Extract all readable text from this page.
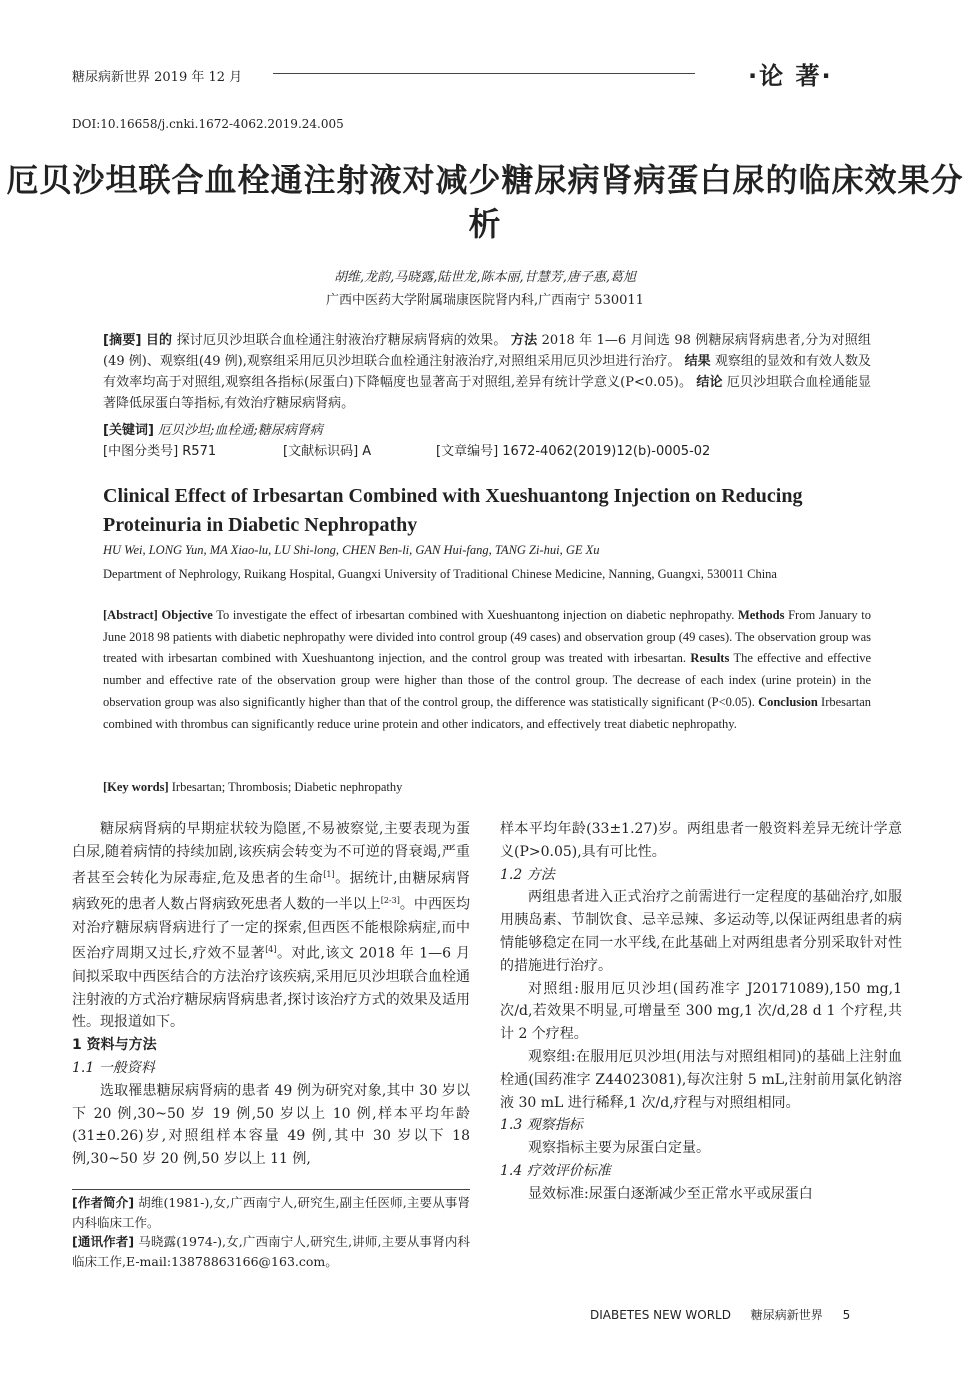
糖尿病新世界 2019 年 12 月	·论 著·
DOI:10.16658/j.cnki.1672-4062.2019.24.005
厄贝沙坦联合血栓通注射液对减少糖尿病肾病蛋白尿的临床效果分析
胡维,龙韵,马晓露,陆世龙,陈本丽,甘慧芳,唐子惠,葛旭
广西中医药大学附属瑞康医院肾内科,广西南宁 530011
[摘要] 目的 探讨厄贝沙坦联合血栓通注射液治疗糖尿病肾病的效果。 方法 2018 年 1—6 月间选 98 例糖尿病肾病患者,分为对照组(49 例)、观察组(49 例),观察组采用厄贝沙坦联合血栓通注射液治疗,对照组采用厄贝沙坦进行治疗。 结果 观察组的显效和有效人数及有效率均高于对照组,观察组各指标(尿蛋白)下降幅度也显著高于对照组,差异有统计学意义(P<0.05)。 结论 厄贝沙坦联合血栓通能显著降低尿蛋白等指标,有效治疗糖尿病肾病。
[关键词] 厄贝沙坦;血栓通;糖尿病肾病
[中图分类号] R571	[文献标识码] A	[文章编号] 1672-4062(2019)12(b)-0005-02
Clinical Effect of Irbesartan Combined with Xueshuantong Injection on Reducing Proteinuria in Diabetic Nephropathy
HU Wei, LONG Yun, MA Xiao-lu, LU Shi-long, CHEN Ben-li, GAN Hui-fang, TANG Zi-hui, GE Xu
Department of Nephrology, Ruikang Hospital, Guangxi University of Traditional Chinese Medicine, Nanning, Guangxi, 530011 China
[Abstract] Objective To investigate the effect of irbesartan combined with Xueshuantong injection on diabetic nephropathy. Methods From January to June 2018 98 patients with diabetic nephropathy were divided into control group (49 cases) and observation group (49 cases). The observation group was treated with irbesartan combined with Xueshuantong injection, and the control group was treated with irbesartan. Results The effective and effective number and effective rate of the observation group were higher than those of the control group. The decrease of each index (urine protein) in the observation group was also significantly higher than that of the control group, the difference was statistically significant (P<0.05). Conclusion Irbesartan combined with thrombus can significantly reduce urine protein and other indicators, and effectively treat diabetic nephropathy.
[Key words] Irbesartan; Thrombosis; Diabetic nephropathy

糖尿病肾病的早期症状较为隐匿,不易被察觉,主要表现为蛋白尿,随着病情的持续加剧,该疾病会转变为不可逆的肾衰竭,严重者甚至会转化为尿毒症,危及患者的生命[1]。据统计,由糖尿病肾病致死的患者人数占肾病致死患者人数的一半以上[2-3]。中西医均对治疗糖尿病肾病进行了一定的探索,但西医不能根除病症,而中医治疗周期又过长,疗效不显著[4]。对此,该文 2018 年 1—6 月间拟采取中西医结合的方法治疗该疾病,采用厄贝沙坦联合血栓通注射液的方式治疗糖尿病肾病患者,探讨该治疗方式的效果及适用性。现报道如下。

1 资料与方法

1.1 一般资料

选取罹患糖尿病肾病的患者 49 例为研究对象,其中 30 岁以下 20 例,30~50 岁 19 例,50 岁以上 10 例,样本平均年龄(31±0.26)岁,对照组样本容量 49 例,其中 30 岁以下 18 例,30~50 岁 20 例,50 岁以上 11 例,

[作者简介] 胡维(1981-),女,广西南宁人,研究生,副主任医师,主要从事肾内科临床工作。

[通讯作者] 马晓露(1974-),女,广西南宁人,研究生,讲师,主要从事肾内科临床工作,E-mail:13878863166@163.com。

样本平均年龄(33±1.27)岁。两组患者一般资料差异无统计学意义(P>0.05),具有可比性。

1.2 方法

两组患者进入正式治疗之前需进行一定程度的基础治疗,如服用胰岛素、节制饮食、忌辛忌辣、多运动等,以保证两组患者的病情能够稳定在同一水平线,在此基础上对两组患者分别采取针对性的措施进行治疗。

对照组:服用厄贝沙坦(国药准字 J20171089),150 mg,1 次/d,若效果不明显,可增量至 300 mg,1 次/d,28 d 1 个疗程,共计 2 个疗程。

观察组:在服用厄贝沙坦(用法与对照组相同)的基础上注射血栓通(国药准字 Z44023081),每次注射 5 mL,注射前用氯化钠溶液 30 mL 进行稀释,1 次/d,疗程与对照组相同。

1.3 观察指标

观察指标主要为尿蛋白定量。

1.4 疗效评价标准

显效标准:尿蛋白逐渐减少至正常水平或尿蛋白

DIABETES NEW WORLD 糖尿病新世界 5
